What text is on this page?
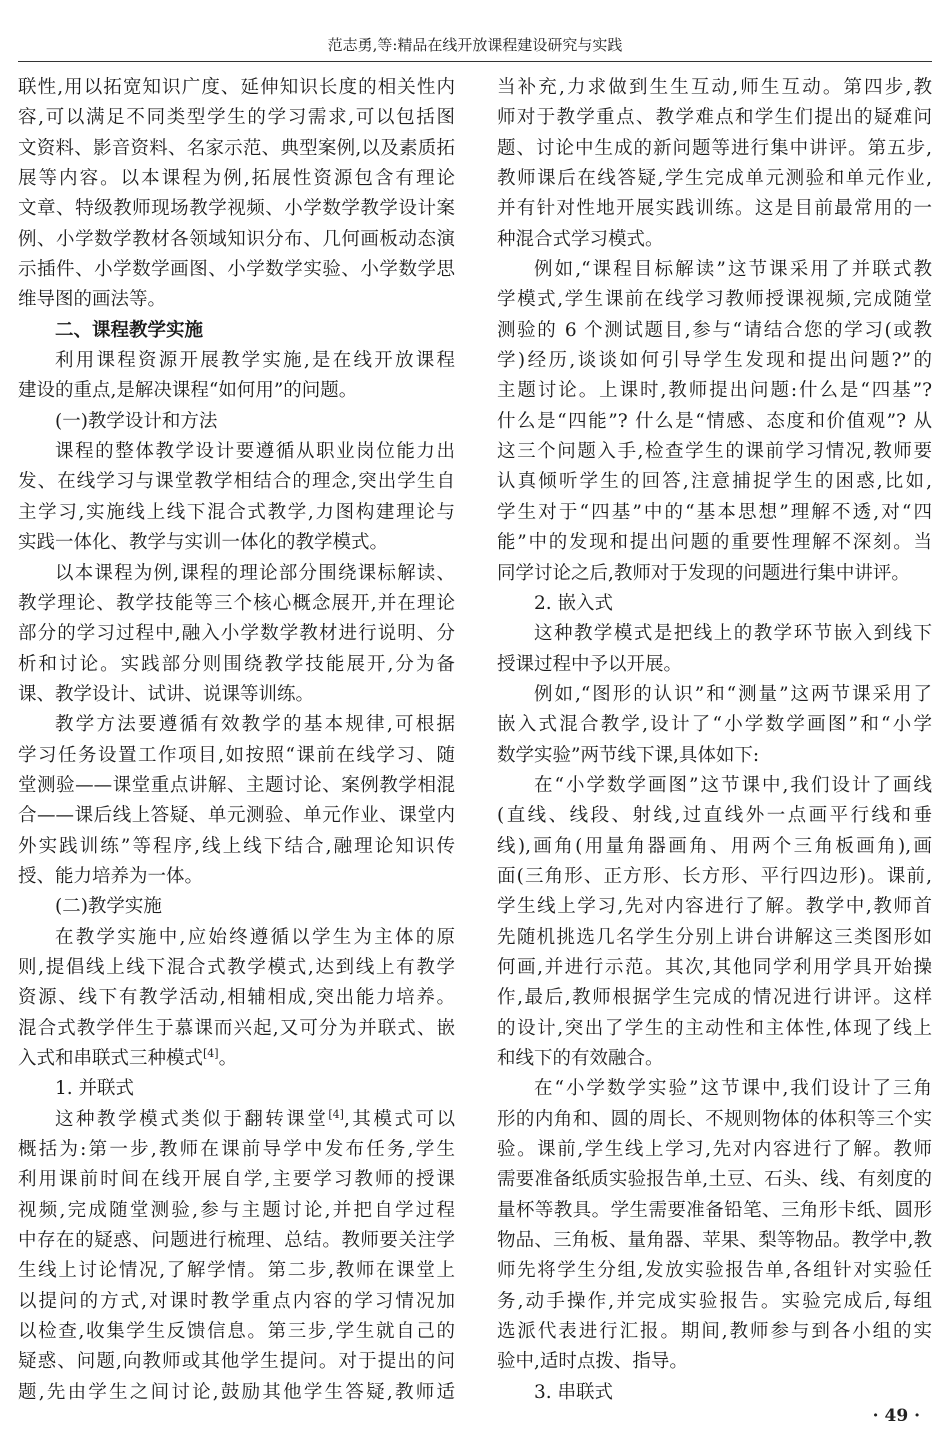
范志勇,等:精品在线开放课程建设研究与实践
联性,用以拓宽知识广度、延伸知识长度的相关性内
容,可以满足不同类型学生的学习需求,可以包括图
文资料、影音资料、名家示范、典型案例,以及素质拓
展等内容。以本课程为例,拓展性资源包含有理论
文章、特级教师现场教学视频、小学数学教学设计案
例、小学数学教材各领域知识分布、几何画板动态演
示插件、小学数学画图、小学数学实验、小学数学思
维导图的画法等。
二、课程教学实施
利用课程资源开展教学实施,是在线开放课程
建设的重点,是解决课程“如何用”的问题。
(一)教学设计和方法
课程的整体教学设计要遵循从职业岗位能力出
发、在线学习与课堂教学相结合的理念,突出学生自
主学习,实施线上线下混合式教学,力图构建理论与
实践一体化、教学与实训一体化的教学模式。
以本课程为例,课程的理论部分围绕课标解读、
教学理论、教学技能等三个核心概念展开,并在理论
部分的学习过程中,融入小学数学教材进行说明、分
析和讨论。实践部分则围绕教学技能展开,分为备
课、教学设计、试讲、说课等训练。
教学方法要遵循有效教学的基本规律,可根据
学习任务设置工作项目,如按照“课前在线学习、随
堂测验——课堂重点讲解、主题讨论、案例教学相混
合——课后线上答疑、单元测验、单元作业、课堂内
外实践训练”等程序,线上线下结合,融理论知识传
授、能力培养为一体。
(二)教学实施
在教学实施中,应始终遵循以学生为主体的原
则,提倡线上线下混合式教学模式,达到线上有教学
资源、线下有教学活动,相辅相成,突出能力培养。
混合式教学伴生于慕课而兴起,又可分为并联式、嵌
入式和串联式三种模式[4]。
1. 并联式
这种教学模式类似于翻转课堂[4],其模式可以
概括为:第一步,教师在课前导学中发布任务,学生
利用课前时间在线开展自学,主要学习教师的授课
视频,完成随堂测验,参与主题讨论,并把自学过程
中存在的疑惑、问题进行梳理、总结。教师要关注学
生线上讨论情况,了解学情。第二步,教师在课堂上
以提问的方式,对课时教学重点内容的学习情况加
以检查,收集学生反馈信息。第三步,学生就自己的
疑惑、问题,向教师或其他学生提问。对于提出的问
题,先由学生之间讨论,鼓励其他学生答疑,教师适
当补充,力求做到生生互动,师生互动。第四步,教
师对于教学重点、教学难点和学生们提出的疑难问
题、讨论中生成的新问题等进行集中讲评。第五步,
教师课后在线答疑,学生完成单元测验和单元作业,
并有针对性地开展实践训练。这是目前最常用的一
种混合式学习模式。
例如,“课程目标解读”这节课采用了并联式教
学模式,学生课前在线学习教师授课视频,完成随堂
测验的 6 个测试题目,参与“请结合您的学习(或教
学)经历,谈谈如何引导学生发现和提出问题?”的
主题讨论。上课时,教师提出问题:什么是“四基”?
什么是“四能”? 什么是“情感、态度和价值观”? 从
这三个问题入手,检查学生的课前学习情况,教师要
认真倾听学生的回答,注意捕捉学生的困惑,比如,
学生对于“四基”中的“基本思想”理解不透,对“四
能”中的发现和提出问题的重要性理解不深刻。当
同学讨论之后,教师对于发现的问题进行集中讲评。
2. 嵌入式
这种教学模式是把线上的教学环节嵌入到线下
授课过程中予以开展。
例如,“图形的认识”和“测量”这两节课采用了
嵌入式混合教学,设计了“小学数学画图”和“小学
数学实验”两节线下课,具体如下:
在“小学数学画图”这节课中,我们设计了画线
(直线、线段、射线,过直线外一点画平行线和垂
线),画角(用量角器画角、用两个三角板画角),画
面(三角形、正方形、长方形、平行四边形)。课前,
学生线上学习,先对内容进行了解。教学中,教师首
先随机挑选几名学生分别上讲台讲解这三类图形如
何画,并进行示范。其次,其他同学利用学具开始操
作,最后,教师根据学生完成的情况进行讲评。这样
的设计,突出了学生的主动性和主体性,体现了线上
和线下的有效融合。
在“小学数学实验”这节课中,我们设计了三角
形的内角和、圆的周长、不规则物体的体积等三个实
验。课前,学生线上学习,先对内容进行了解。教师
需要准备纸质实验报告单,土豆、石头、线、有刻度的
量杯等教具。学生需要准备铅笔、三角形卡纸、圆形
物品、三角板、量角器、苹果、梨等物品。教学中,教
师先将学生分组,发放实验报告单,各组针对实验任
务,动手操作,并完成实验报告。实验完成后,每组
选派代表进行汇报。期间,教师参与到各小组的实
验中,适时点拨、指导。
3. 串联式
· 49 ·
